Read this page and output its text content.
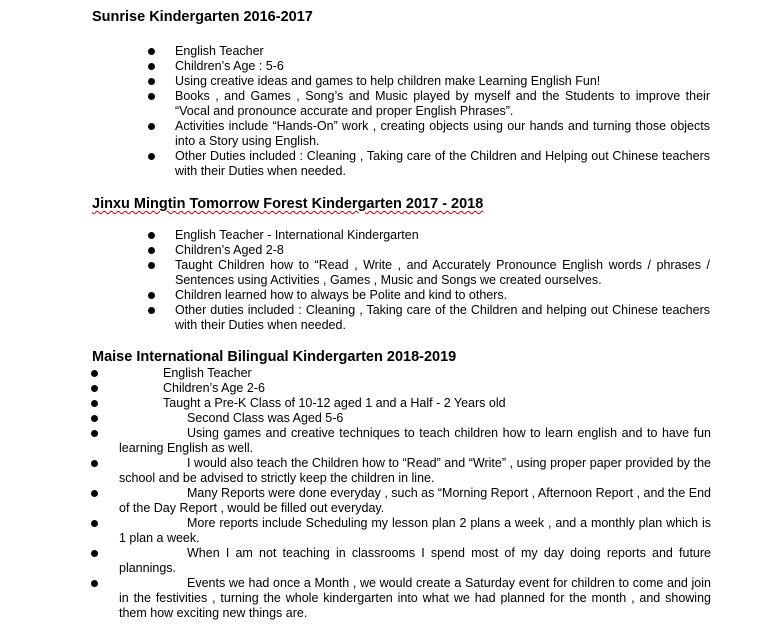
Sunrise Kindergarten 2016-2017
English Teacher
Children’s Age : 5-6
Using creative ideas and games to help children make Learning English Fun!
Books , and Games , Song’s and Music played by myself and the Students to improve their “Vocal and pronounce accurate and proper English Phrases”.
Activities include “Hands-On” work , creating objects using our hands and turning those objects into a Story using English.
Other Duties included : Cleaning , Taking care of the Children and Helping out Chinese teachers with their Duties when needed.
Jinxu Mingtin Tomorrow Forest Kindergarten 2017 - 2018
English Teacher - International Kindergarten
Children’s Aged 2-8
Taught Children how to “Read , Write , and Accurately Pronounce English words / phrases / Sentences using Activities , Games , Music and Songs we created ourselves.
Children learned how to always be Polite and kind to others.
Other duties included : Cleaning , Taking care of the Children and helping out Chinese teachers with their Duties when needed.
Maise International Bilingual Kindergarten 2018-2019
English Teacher
Children’s Age 2-6
Taught a Pre-K Class of 10-12 aged 1 and a Half - 2 Years old
Second Class was Aged 5-6
Using games and creative techniques to teach children how to learn english and to have fun learning English as well.
I would also teach the Children how to “Read” and “Write” , using proper paper provided by the school and be advised to strictly keep the children in line.
Many Reports were done everyday , such as “Morning Report , Afternoon Report , and the End of the Day Report , would be filled out everyday.
More reports include Scheduling my lesson plan 2 plans a week , and a monthly plan which is 1 plan a week.
When I am not teaching in classrooms I spend most of my day doing reports and future plannings.
Events we had once a Month , we would create a Saturday event for children to come and join in the festivities , turning the whole kindergarten into what we had planned for the month , and showing them how exciting new things are.
